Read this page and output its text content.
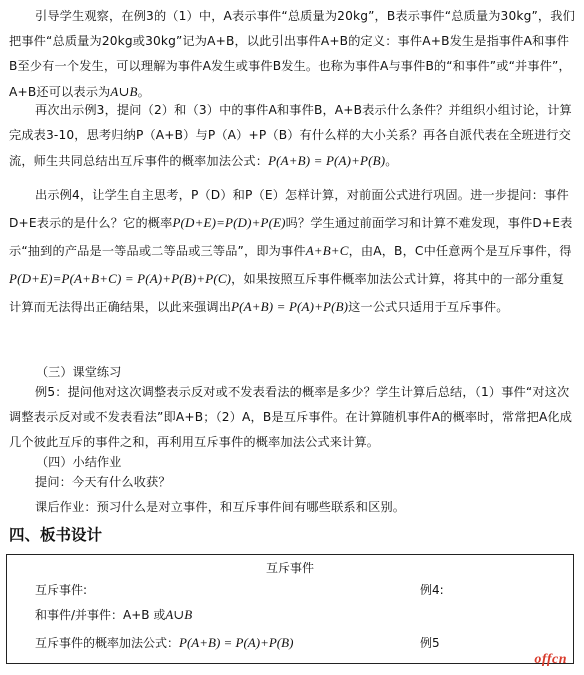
引导学生观察，在例3的（1）中，A表示事件“总质量为20kg”，B表示事件“总质量为30kg”，我们把事件“总质量为20kg或30kg”记为A+B，以此引出事件A+B的定义：事件A+B发生是指事件A和事件B至少有一个发生，可以理解为事件A发生或事件B发生。也称为事件A与事件B的“和事件”或“并事件”，A+B还可以表示为A∪B。
再次出示例3，提问（2）和（3）中的事件A和事件B，A+B表示什么条件？并组织小组讨论，计算完成表3-10，思考归纳P（A+B）与P（A）+P（B）有什么样的大小关系？再各自派代表在全班进行交流，师生共同总结出互斥事件的概率加法公式：P(A+B) = P(A)+P(B)。
出示例4，让学生自主思考，P（D）和P（E）怎样计算，对前面公式进行巩固。进一步提问：事件D+E表示的是什么？它的概率P(D+E)=P(D)+P(E)吗？学生通过前面学习和计算不难发现，事件D+E表示“抽到的产品是一等品或二等品或三等品”，即为事件A+B+C，由A，B，C中任意两个是互斥事件，得P(D+E)=P(A+B+C) = P(A)+P(B)+P(C)，如果按照互斥事件概率加法公式计算，将其中的一部分重复计算而无法得出正确结果，以此来强调出P(A+B) = P(A)+P(B)这一公式只适用于互斥事件。
（三）课堂练习
例5：提问他对这次调整表示反对或不发表看法的概率是多少？学生计算后总结，（1）事件“对这次调整表示反对或不发表看法”即A+B；（2）A，B是互斥事件。在计算随机事件A的概率时，常常把A化成几个彼此互斥的事件之和，再利用互斥事件的概率加法公式来计算。
（四）小结作业
提问：今天有什么收获？
课后作业：预习什么是对立事件，和互斥事件间有哪些联系和区别。
四、板书设计
互斥事件
互斥事件:	例4:
和事件/并事件：A+B 或A∪B
互斥事件的概率加法公式：P(A+B) = P(A)+P(B)	例5
offcn
